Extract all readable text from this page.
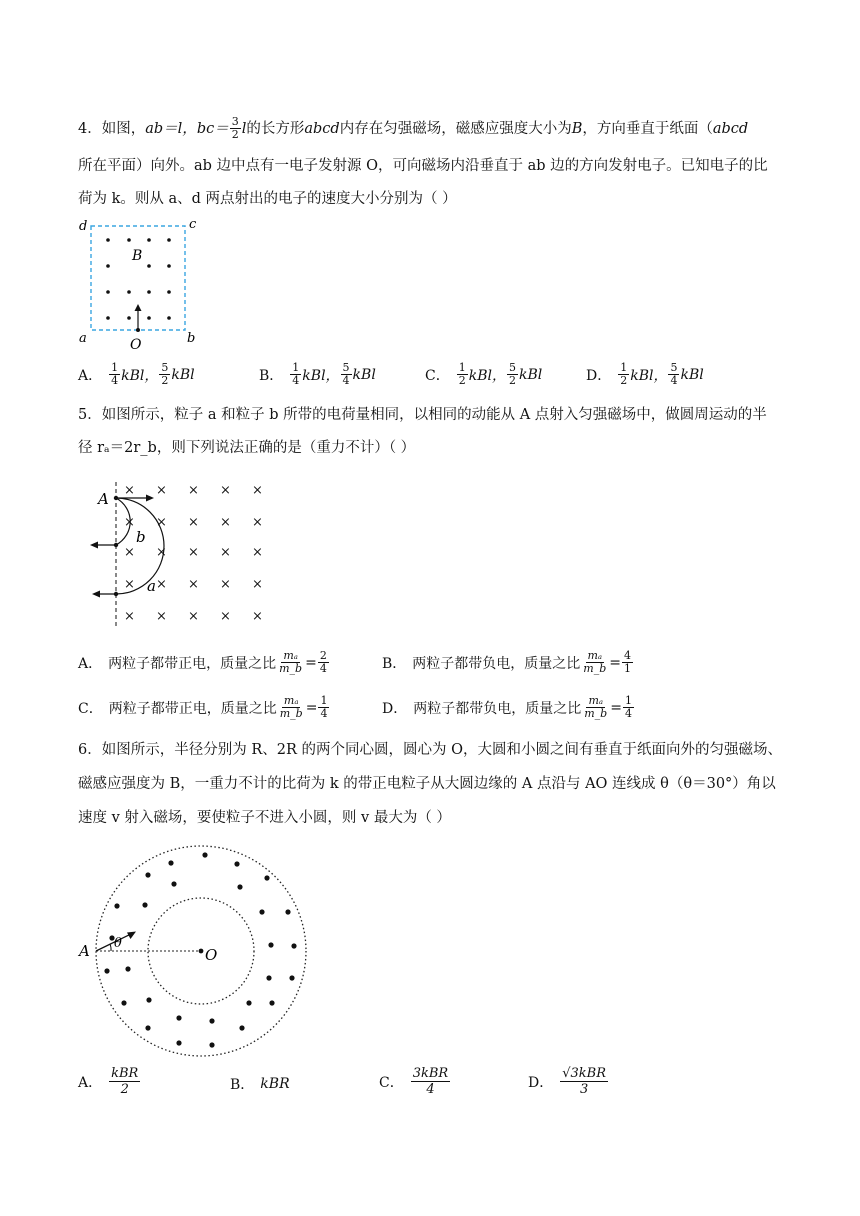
4． 如图， ab＝l， $bc= \frac{3}{2}$ l 的长方形 abcd 内存在匀强磁场，磁感应强度大小为 B ，方向垂直于纸面（ abcd
所在平面）向外。ab 边中点有一电子发射源 O，可向磁场内沿垂直于 ab 边的方向发射电子。已知电子的比
荷为 k。则从 a、d 两点射出的电子的速度大小分别为（ ）
d	c
a	b
B
O
A． $\frac{1}{4}$ kBl， $\frac{5}{2}$ kBl	B． $\frac{1}{4}$ kBl， $\frac{5}{4}$ kBl	C． $\frac{1}{2}$ kBl， $\frac{5}{2}$ kBl	D． $\frac{1}{2}$ kBl， $\frac{5}{4}$ kBl
5．如图所示，粒子 a 和粒子 b 所带的电荷量相同，以相同的动能从 A 点射入匀强磁场中，做圆周运动的半
径 rₐ＝2r_b，则下列说法正确的是（重力不计）（ ）
× × × × ×
× × × × ×
× × × × ×
× × × × ×
× × × × ×
A
b
a
A． 两粒子都带正电，质量之比 $\frac{\text{mₐ}}{m\_b} = \frac{2}{4}$	B． 两粒子都带负电，质量之比 $\frac{\text{mₐ}}{m\_b} = \frac{4}{1}$
C． 两粒子都带正电，质量之比 $\frac{\text{mₐ}}{m\_b} = \frac{1}{4}$	D． 两粒子都带负电，质量之比 $\frac{\text{mₐ}}{m\_b} = \frac{1}{4}$
6．如图所示，半径分别为 R、2R 的两个同心圆，圆心为 O，大圆和小圆之间有垂直于纸面向外的匀强磁场、
磁感应强度为 B，一重力不计的比荷为 k 的带正电粒子从大圆边缘的 A 点沿与 AO 连线成 θ（θ＝30°）角以
速度 v 射入磁场，要使粒子不进入小圆，则 v 最大为（ ）
A	O
θ
A． $\frac{\text{kBR}}{2}$	B． kBR	C． $\frac{\text{3kBR}}{4}$	D． $\frac{\text{√3kBR}}{3}$
